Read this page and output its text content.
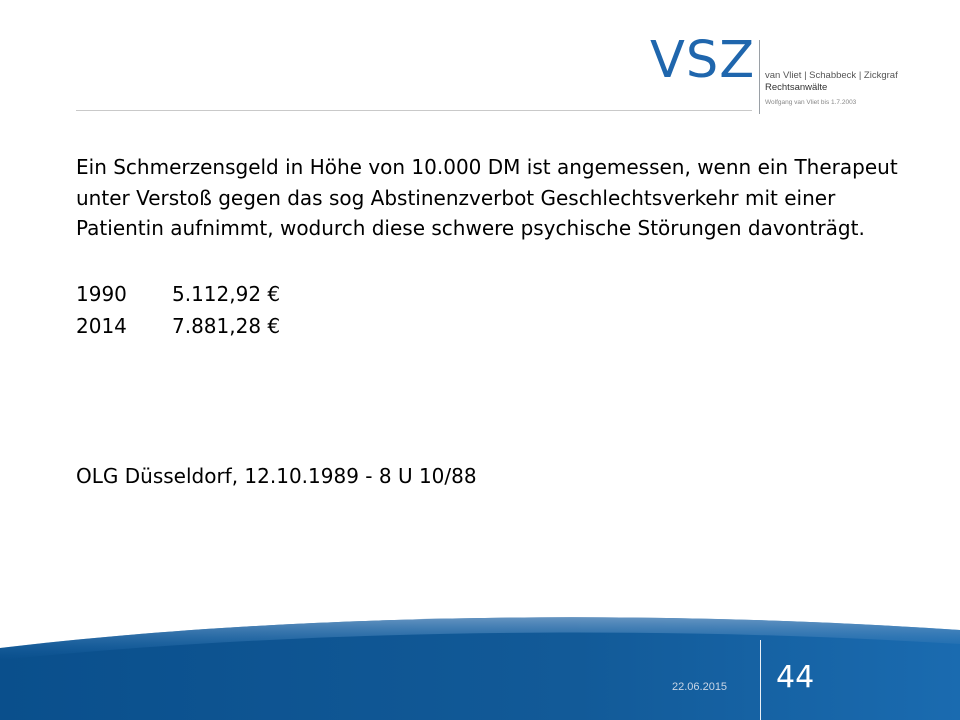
VSZ van Vliet | Schabbeck | Zickgraf
Rechtsanwälte
Wolfgang van Vliet bis 1.7.2003

Ein Schmerzensgeld in Höhe von 10.000 DM ist angemessen, wenn ein Therapeut unter Verstoß gegen das sog Abstinenzverbot Geschlechtsverkehr mit einer Patientin aufnimmt, wodurch diese schwere psychische Störungen davonträgt.

1990	5.112,92 €
2014	7.881,28 €

OLG Düsseldorf, 12.10.1989 - 8 U 10/88

22.06.2015 44
